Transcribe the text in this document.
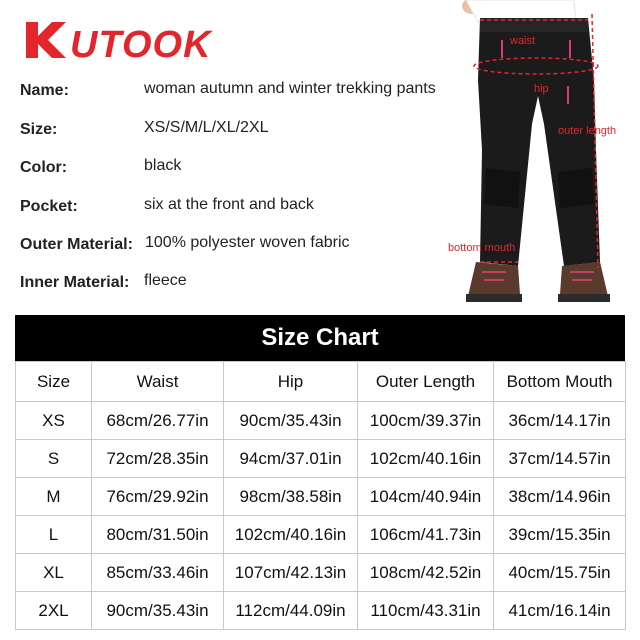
UTOOK
Name:	woman autumn and winter trekking pants
Size:	XS/S/M/L/XL/2XL
Color:	black
Pocket:	six at the front and back
Outer Material: 100% polyester woven fabric
Inner Material: fleece
waist
hip
outer length
bottom mouth
Size Chart
Size	Waist	Hip	Outer Length	Bottom Mouth
XS	68cm/26.77in	90cm/35.43in	100cm/39.37in	36cm/14.17in
S	72cm/28.35in	94cm/37.01in	102cm/40.16in	37cm/14.57in
M	76cm/29.92in	98cm/38.58in	104cm/40.94in	38cm/14.96in
L	80cm/31.50in	102cm/40.16in	106cm/41.73in	39cm/15.35in
XL	85cm/33.46in	107cm/42.13in	108cm/42.52in	40cm/15.75in
2XL	90cm/35.43in	112cm/44.09in	110cm/43.31in	41cm/16.14in
